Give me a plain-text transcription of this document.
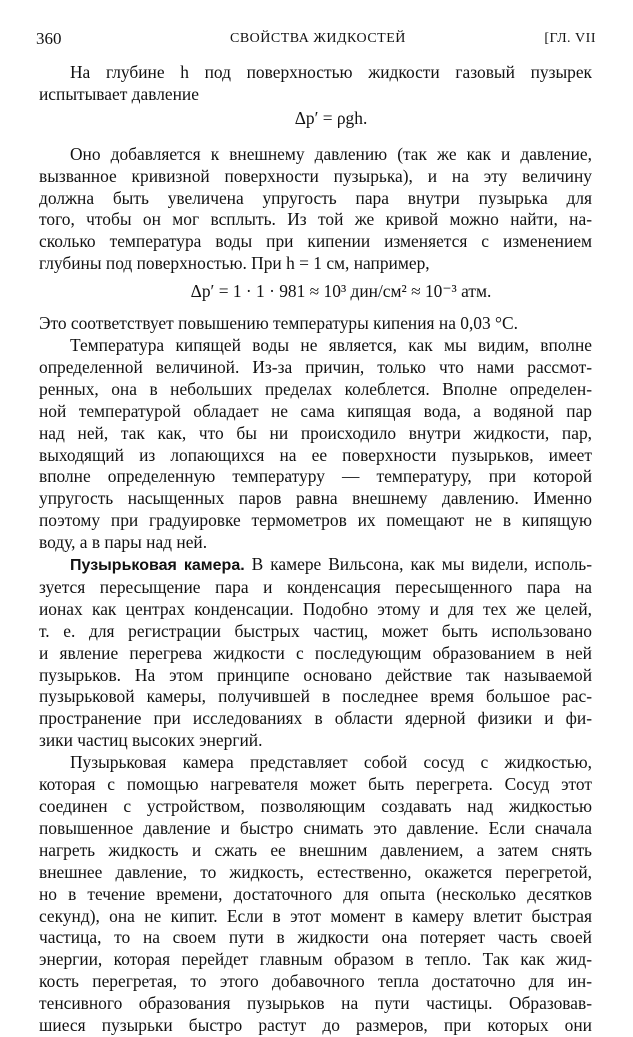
360	СВОЙСТВА ЖИДКОСТЕЙ	[ГЛ. VII
На глубине h под поверхностью жидкости газовый пузырек
испытывает давление
Δp′ = ρgh.
Оно добавляется к внешнему давлению (так же как и давление,
вызванное кривизной поверхности пузырька), и на эту величину
должна быть увеличена упругость пара внутри пузырька для
того, чтобы он мог всплыть. Из той же кривой можно найти, на-
сколько температура воды при кипении изменяется с изменением
глубины под поверхностью. При h = 1 см, например,
Δp′ = 1 · 1 · 981 ≈ 10³ дин/см² ≈ 10⁻³ атм.
Это соответствует повышению температуры кипения на 0,03 °С.
Температура кипящей воды не является, как мы видим, вполне
определенной величиной. Из-за причин, только что нами рассмот-
ренных, она в небольших пределах колеблется. Вполне определен-
ной температурой обладает не сама кипящая вода, а водяной пар
над ней, так как, что бы ни происходило внутри жидкости, пар,
выходящий из лопающихся на ее поверхности пузырьков, имеет
вполне определенную температуру — температуру, при которой
упругость насыщенных паров равна внешнему давлению. Именно
поэтому при градуировке термометров их помещают не в кипящую
воду, а в пары над ней.
Пузырьковая камера. В камере Вильсона, как мы видели, исполь-
зуется пересыщение пара и конденсация пересыщенного пара на
ионах как центрах конденсации. Подобно этому и для тех же целей,
т. е. для регистрации быстрых частиц, может быть использовано
и явление перегрева жидкости с последующим образованием в ней
пузырьков. На этом принципе основано действие так называемой
пузырьковой камеры, получившей в последнее время большое рас-
пространение при исследованиях в области ядерной физики и фи-
зики частиц высоких энергий.
Пузырьковая камера представляет собой сосуд с жидкостью,
которая с помощью нагревателя может быть перегрета. Сосуд этот
соединен с устройством, позволяющим создавать над жидкостью
повышенное давление и быстро снимать это давление. Если сначала
нагреть жидкость и сжать ее внешним давлением, а затем снять
внешнее давление, то жидкость, естественно, окажется перегретой,
но в течение времени, достаточного для опыта (несколько десятков
секунд), она не кипит. Если в этот момент в камеру влетит быстрая
частица, то на своем пути в жидкости она потеряет часть своей
энергии, которая перейдет главным образом в тепло. Так как жид-
кость перегретая, то этого добавочного тепла достаточно для ин-
тенсивного образования пузырьков на пути частицы. Образовав-
шиеся пузырьки быстро растут до размеров, при которых они
